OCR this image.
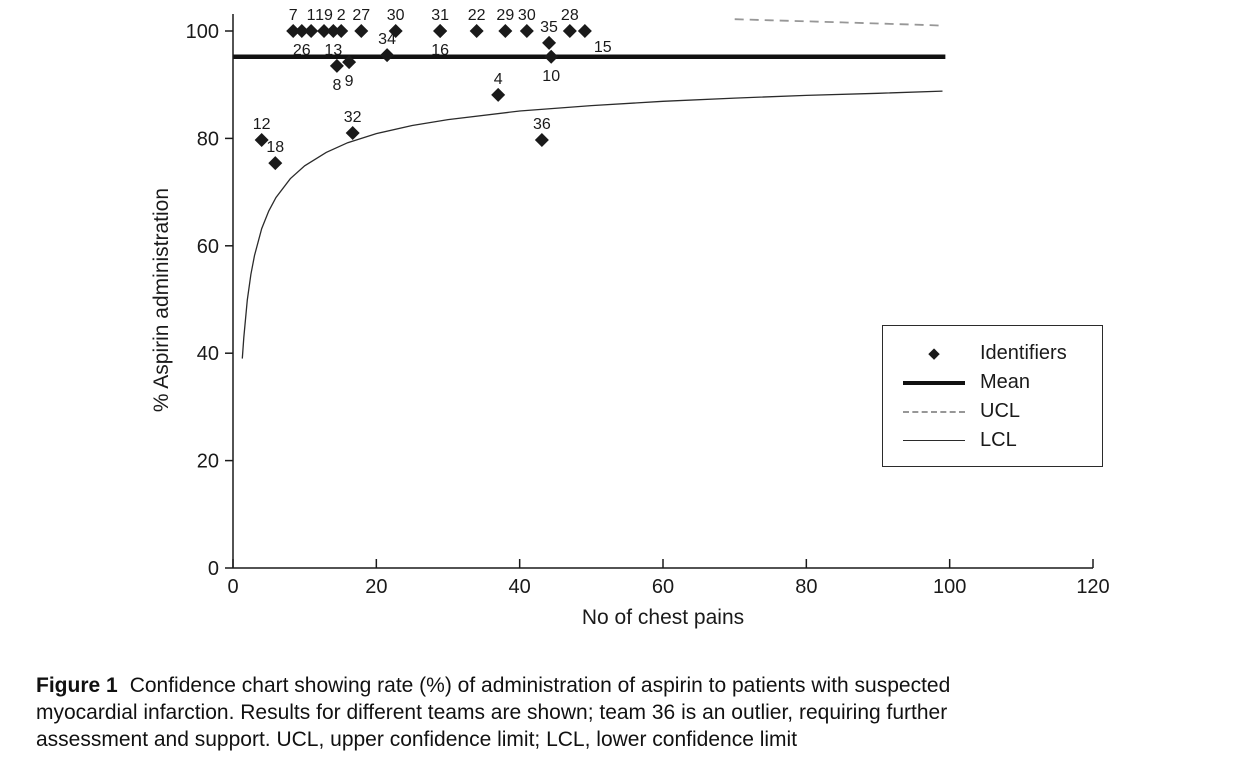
0
20
40
60
80
100
0	20	40	60	80	100	120
No of chest pains
% Aspirin administration
7
26
1 19
13
2 27 30
34
8 9
31
16
22 29 30
35
10
28
15
4
12
18
32	36
◆ Identifiers
Mean
UCL
LCL
Figure 1 Confidence chart showing rate (%) of administration of aspirin to patients with suspected
myocardial infarction. Results for different teams are shown; team 36 is an outlier, requiring further
assessment and support. UCL, upper confidence limit; LCL, lower confidence limit
